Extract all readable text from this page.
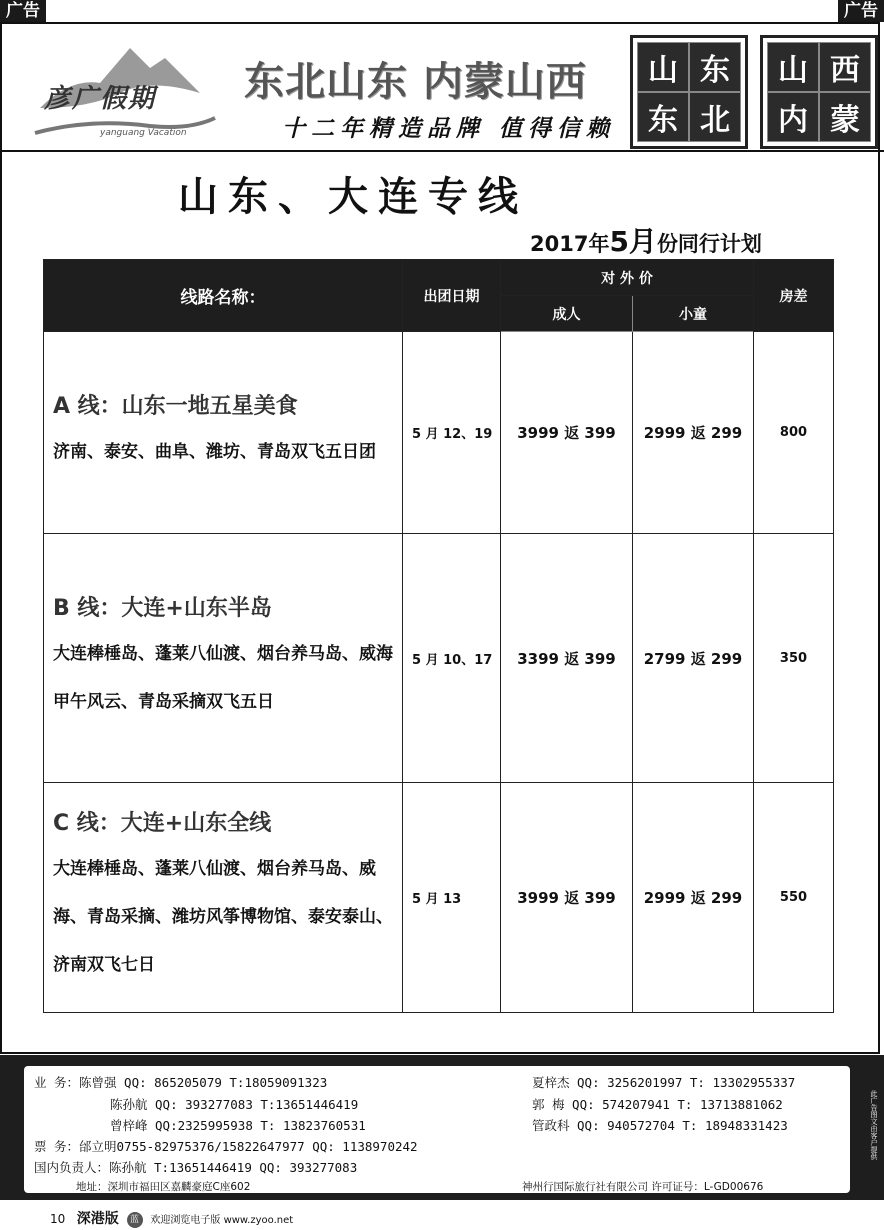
广告	广告
彦广假期
yanguang Vacation
东北山东 内蒙山西
十二年精造品牌 值得信赖
山 东
东 北
山 西
内 蒙
山东、大连专线
2017年5月份同行计划
线路名称：	出团日期	对 外 价		房差
		成人	小童	

A 线：山东一地五星美食
济南、泰安、曲阜、潍坊、青岛双飞五日团	5 月 12、19	3999 返 399	2999 返 299	800

B 线：大连+山东半岛
大连棒棰岛、蓬莱八仙渡、烟台养马岛、威海甲午风云、青岛采摘双飞五日	5 月 10、17	3399 返 399	2799 返 299	350

C 线：大连+山东全线
大连棒棰岛、蓬莱八仙渡、烟台养马岛、威海、青岛采摘、潍坊风筝博物馆、泰安泰山、济南双飞七日	5 月 13	3999 返 399	2999 返 299	550
业 务：陈曾强 QQ: 865205079 T:18059091323	夏梓杰 QQ: 3256201997 T: 13302955337
陈孙航 QQ: 393277083 T:13651446419	郭 梅 QQ: 574207941 T: 13713881062
曾梓峰 QQ:2325995938 T: 13823760531	管政科 QQ: 940572704 T: 18948331423
票 务：邰立明0755-82975376/15822647977 QQ: 1138970242
国内负责人：陈孙航 T:13651446419 QQ: 393277083
地址：深圳市福田区嘉麟豪庭C座602	神州行国际旅行社有限公司 许可证号：L-GD00676
此广告图文由客户提供
10 深港版 蓝 欢迎浏览电子版 www.zyoo.net
